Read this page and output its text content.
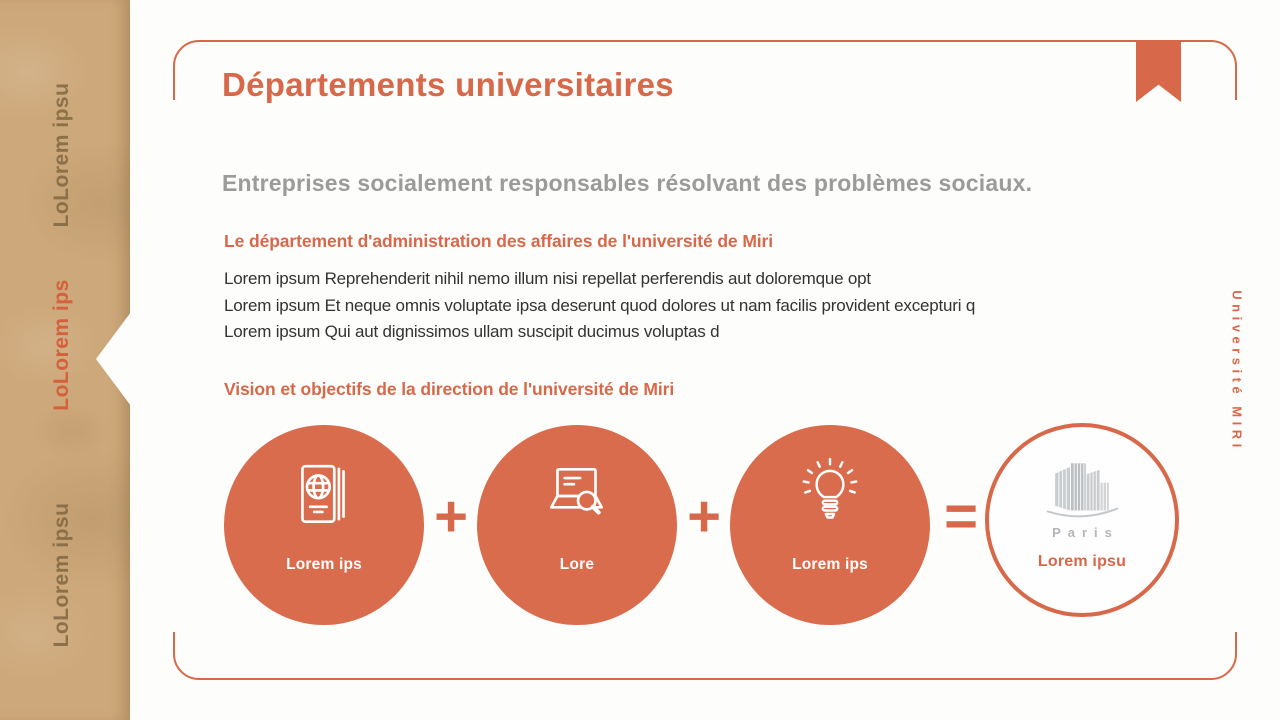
LoLorem ipsu
LoLorem ips
LoLorem ipsu
Départements universitaires
Entreprises socialement responsables résolvant des problèmes sociaux.
Le département d'administration des affaires de l'université de Miri
Lorem ipsum Reprehenderit nihil nemo illum nisi repellat perferendis aut doloremque opt
Lorem ipsum Et neque omnis voluptate ipsa deserunt quod dolores ut nam facilis provident excepturi q
Lorem ipsum Qui aut dignissimos ullam suscipit ducimus voluptas d
Vision et objectifs de la direction de l'université de Miri
Lorem ips
+
Lore
+
Lorem ips
=	Paris
Lorem ipsu
Université MIRI
